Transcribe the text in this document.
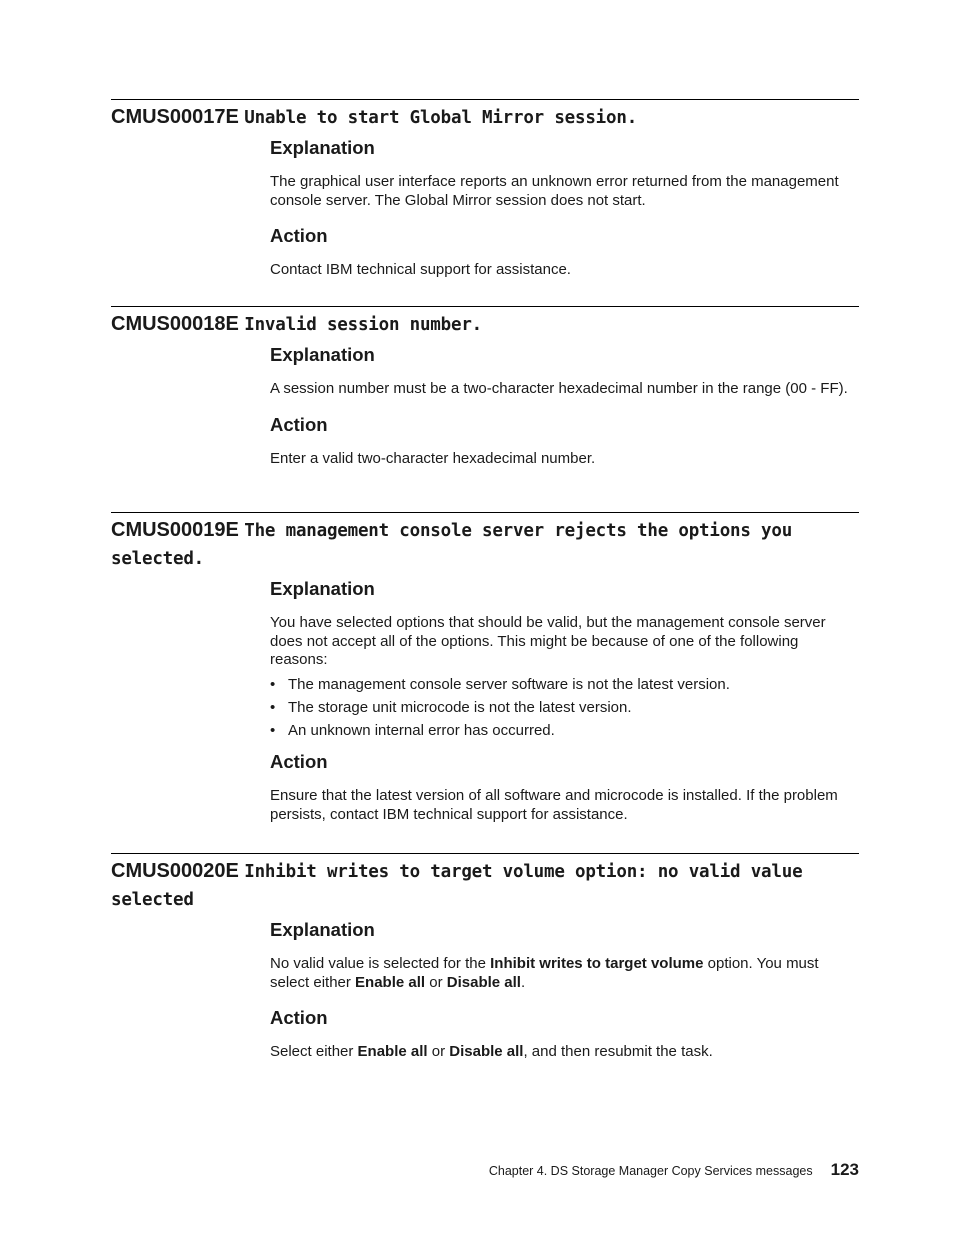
CMUS00017E Unable to start Global Mirror session.
Explanation

The graphical user interface reports an unknown error returned from the management console server. The Global Mirror session does not start.

Action

Contact IBM technical support for assistance.

CMUS00018E Invalid session number.
Explanation

A session number must be a two-character hexadecimal number in the range (00 - FF).

Action

Enter a valid two-character hexadecimal number.

CMUS00019E The management console server rejects the options you selected.
Explanation

You have selected options that should be valid, but the management console server does not accept all of the options. This might be because of one of the following reasons:

• The management console server software is not the latest version.
• The storage unit microcode is not the latest version.
• An unknown internal error has occurred.
Action

Ensure that the latest version of all software and microcode is installed. If the problem persists, contact IBM technical support for assistance.

CMUS00020E Inhibit writes to target volume option: no valid value selected
Explanation

No valid value is selected for the Inhibit writes to target volume option. You must select either Enable all or Disable all.

Action

Select either Enable all or Disable all, and then resubmit the task.

Chapter 4. DS Storage Manager Copy Services messages 123
